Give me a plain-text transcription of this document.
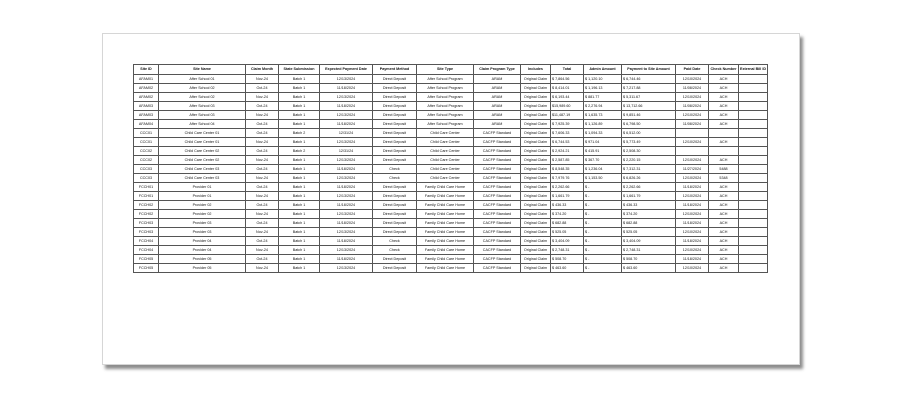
Site ID	Site Name	Claim Month	State Submission	Expected Payment Date	Payment Method	Site Type	Claim Program Type	Includes	Total	Admin Amount	Payment to Site Amount	Paid Date	Check Number	External Bill ID
AFAM01	After School 01	Nov-24	Batch 1	12/13/2024	Direct Deposit	After School Program	ARAM	Original Claim	$ 7,864.56	$ 1,120.10	$ 6,744.46	12/10/2024	ACH	
AFAM02	After School 02	Oct-24	Batch 1	11/18/2024	Direct Deposit	After School Program	ARAM	Original Claim	$ 8,414.01	$ 1,196.13	$ 7,217.88	11/08/2024	ACH	
AFAM02	After School 02	Nov-24	Batch 1	12/13/2024	Direct Deposit	After School Program	ARAM	Original Claim	$ 6,193.44	$ 881.77	$ 5,311.67	12/10/2024	ACH	
AFAM03	After School 03	Oct-24	Batch 1	11/18/2024	Direct Deposit	After School Program	ARAM	Original Claim	$15,989.60	$ 2,276.94	$ 13,712.66	11/08/2024	ACH	
AFAM03	After School 03	Nov-24	Batch 1	12/13/2024	Direct Deposit	After School Program	ARAM	Original Claim	$11,487.19	$ 1,635.73	$ 9,851.46	12/10/2024	ACH	
AFAM04	After School 04	Oct-24	Batch 1	11/18/2024	Direct Deposit	After School Program	ARAM	Original Claim	$ 7,925.39	$ 1,126.89	$ 6,798.50	11/08/2024	ACH	
CCC01	Child Care Center 01	Oct-24	Batch 2	12/31/24	Direct Deposit	Child Care Center	CACFP Standard	Original Claim	$ 7,606.33	$ 1,094.33	$ 6,512.00			
CCC01	Child Care Center 01	Nov-24	Batch 1	12/13/2024	Direct Deposit	Child Care Center	CACFP Standard	Original Claim	$ 6,744.53	$ 971.04	$ 5,773.49	12/10/2024	ACH	
CCC02	Child Care Center 02	Oct-24	Batch 2	12/31/24	Direct Deposit	Child Care Center	CACFP Standard	Original Claim	$ 2,924.21	$ 415.91	$ 2,508.30			
CCC02	Child Care Center 02	Nov-24	Batch 1	12/13/2024	Direct Deposit	Child Care Center	CACFP Standard	Original Claim	$ 2,587.85	$ 367.70	$ 2,220.15	12/10/2024	ACH	
CCC03	Child Care Center 03	Oct-24	Batch 1	11/18/2024	Check	Child Care Center	CACFP Standard	Original Claim	$ 8,548.35	$ 1,236.04	$ 7,312.31	11/27/2024	5488	
CCC03	Child Care Center 03	Nov-24	Batch 1	12/13/2024	Check	Child Care Center	CACFP Standard	Original Claim	$ 7,979.76	$ 1,153.50	$ 6,826.26	12/10/2024	5348	
FCCH01	Provider 01	Oct-24	Batch 1	11/18/2024	Direct Deposit	Family Child Care Home	CACFP Standard	Original Claim	$ 2,262.66	$ -	$ 2,262.66	11/18/2024	ACH	
FCCH01	Provider 01	Nov-24	Batch 1	12/13/2024	Direct Deposit	Family Child Care Home	CACFP Standard	Original Claim	$ 1,661.79	$ -	$ 1,661.79	12/10/2024	ACH	
FCCH02	Provider 02	Oct-24	Batch 1	11/18/2024	Direct Deposit	Family Child Care Home	CACFP Standard	Original Claim	$ 436.33	$ -	$ 436.33	11/18/2024	ACH	
FCCH02	Provider 02	Nov-24	Batch 1	12/13/2024	Direct Deposit	Family Child Care Home	CACFP Standard	Original Claim	$ 374.20	$ -	$ 374.20	12/10/2024	ACH	
FCCH03	Provider 03	Oct-24	Batch 1	11/18/2024	Direct Deposit	Family Child Care Home	CACFP Standard	Original Claim	$ 682.88	$ -	$ 682.88	11/18/2024	ACH	
FCCH03	Provider 03	Nov-24	Batch 1	12/13/2024	Direct Deposit	Family Child Care Home	CACFP Standard	Original Claim	$ 525.05	$ -	$ 525.05	12/10/2024	ACH	
FCCH04	Provider 04	Oct-24	Batch 1	11/18/2024	Check	Family Child Care Home	CACFP Standard	Original Claim	$ 3,404.09	$ -	$ 3,404.09	11/18/2024	ACH	
FCCH04	Provider 04	Nov-24	Batch 1	12/13/2024	Check	Family Child Care Home	CACFP Standard	Original Claim	$ 2,748.31	$ -	$ 2,748.31	12/10/2024	ACH	
FCCH05	Provider 05	Oct-24	Batch 1	11/18/2024	Direct Deposit	Family Child Care Home	CACFP Standard	Original Claim	$ 508.70	$ -	$ 508.70	11/18/2024	ACH	
FCCH05	Provider 05	Nov-24	Batch 1	12/13/2024	Direct Deposit	Family Child Care Home	CACFP Standard	Original Claim	$ 463.60	$ -	$ 463.60	12/10/2024	ACH	
